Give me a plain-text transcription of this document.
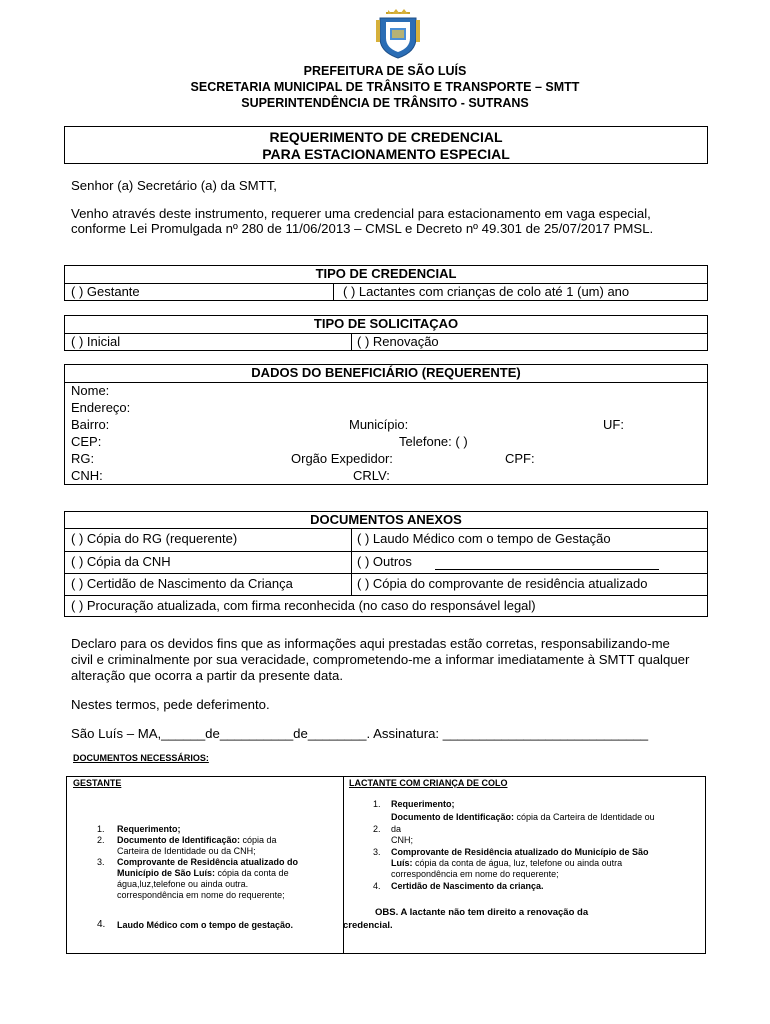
PREFEITURA DE SÃO LUÍS
SECRETARIA MUNICIPAL DE TRÂNSITO E TRANSPORTE – SMTT
SUPERINTENDÊNCIA DE TRÂNSITO - SUTRANS
REQUERIMENTO DE CREDENCIAL
PARA ESTACIONAMENTO ESPECIAL
Senhor (a) Secretário (a) da SMTT,
Venho através deste instrumento, requerer uma credencial para estacionamento em vaga especial,
conforme Lei Promulgada nº 280 de 11/06/2013 – CMSL e Decreto nº 49.301 de 25/07/2017 PMSL.
TIPO DE CREDENCIAL
( ) Gestante	( ) Lactantes com crianças de colo até 1 (um) ano
TIPO DE SOLICITAÇAO
( ) Inicial	( ) Renovação
DADOS DO BENEFICIÁRIO (REQUERENTE)
Nome:
Endereço:
Bairro:	Município:	UF:
CEP:	Telefone: ( )
RG:	Orgão Expedidor:	CPF:
CNH:	CRLV:
DOCUMENTOS ANEXOS
( ) Cópia do RG (requerente)	( ) Laudo Médico com o tempo de Gestação
( ) Cópia da CNH	( ) Outros
( ) Certidão de Nascimento da Criança	( ) Cópia do comprovante de residência atualizado
( ) Procuração atualizada, com firma reconhecida (no caso do responsável legal)
Declaro para os devidos fins que as informações aqui prestadas estão corretas, responsabilizando-me
civil e criminalmente por sua veracidade, comprometendo-me a informar imediatamente à SMTT qualquer
alteração que ocorra a partir da presente data.
Nestes termos, pede deferimento.
São Luís – MA,______de__________de________. Assinatura: ____________________________
DOCUMENTOS NECESSÁRIOS:
GESTANTE	LACTANTE COM CRIANÇA DE COLO
1. Requerimento;
2. Documento de Identificação: cópia da
Carteira de Identidade ou da CNH;
3. Comprovante de Residência atualizado do
Município de São Luís: cópia da conta de
água,luz,telefone ou ainda outra.
correspondência em nome do requerente;
4. Laudo Médico com o tempo de gestação.
1. Requerimento;
Documento de Identificação: cópia da Carteira de Identidade ou
2. da
CNH;
3. Comprovante de Residência atualizado do Município de São
Luís: cópia da conta de água, luz, telefone ou ainda outra
correspondência em nome do requerente;
4. Certidão de Nascimento da criança.
OBS. A lactante não tem direito a renovação da
credencial.
